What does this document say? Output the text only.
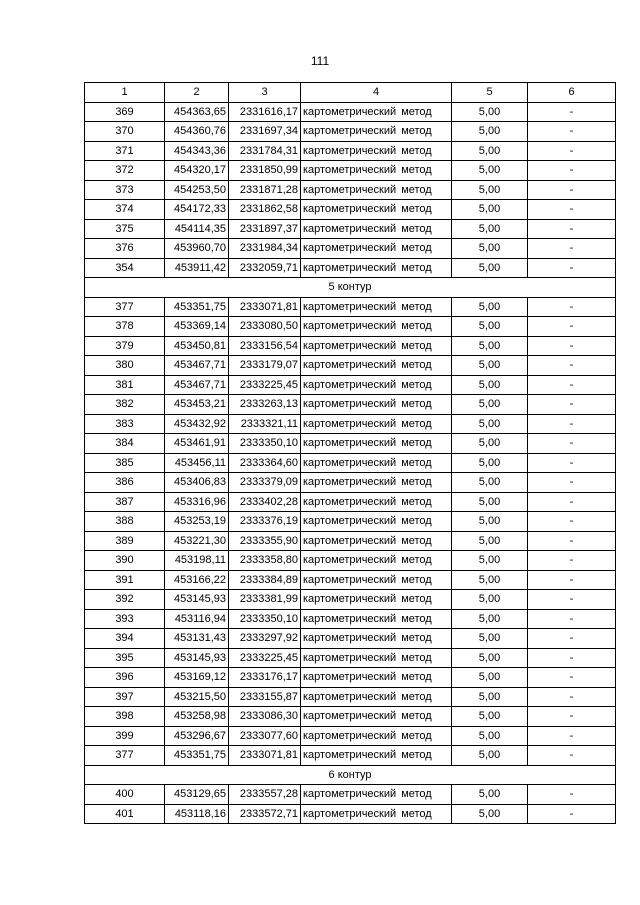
111
1	2	3	4	5	6
369	454363,65	2331616,17	картометрический метод	5,00	-
370	454360,76	2331697,34	картометрический метод	5,00	-
371	454343,36	2331784,31	картометрический метод	5,00	-
372	454320,17	2331850,99	картометрический метод	5,00	-
373	454253,50	2331871,28	картометрический метод	5,00	-
374	454172,33	2331862,58	картометрический метод	5,00	-
375	454114,35	2331897,37	картометрический метод	5,00	-
376	453960,70	2331984,34	картометрический метод	5,00	-
354	453911,42	2332059,71	картометрический метод	5,00	-
5 контур					
377	453351,75	2333071,81	картометрический метод	5,00	-
378	453369,14	2333080,50	картометрический метод	5,00	-
379	453450,81	2333156,54	картометрический метод	5,00	-
380	453467,71	2333179,07	картометрический метод	5,00	-
381	453467,71	2333225,45	картометрический метод	5,00	-
382	453453,21	2333263,13	картометрический метод	5,00	-
383	453432,92	2333321,11	картометрический метод	5,00	-
384	453461,91	2333350,10	картометрический метод	5,00	-
385	453456,11	2333364,60	картометрический метод	5,00	-
386	453406,83	2333379,09	картометрический метод	5,00	-
387	453316,96	2333402,28	картометрический метод	5,00	-
388	453253,19	2333376,19	картометрический метод	5,00	-
389	453221,30	2333355,90	картометрический метод	5,00	-
390	453198,11	2333358,80	картометрический метод	5,00	-
391	453166,22	2333384,89	картометрический метод	5,00	-
392	453145,93	2333381,99	картометрический метод	5,00	-
393	453116,94	2333350,10	картометрический метод	5,00	-
394	453131,43	2333297,92	картометрический метод	5,00	-
395	453145,93	2333225,45	картометрический метод	5,00	-
396	453169,12	2333176,17	картометрический метод	5,00	-
397	453215,50	2333155,87	картометрический метод	5,00	-
398	453258,98	2333086,30	картометрический метод	5,00	-
399	453296,67	2333077,60	картометрический метод	5,00	-
377	453351,75	2333071,81	картометрический метод	5,00	-
6 контур					
400	453129,65	2333557,28	картометрический метод	5,00	-
401	453118,16	2333572,71	картометрический метод	5,00	-
